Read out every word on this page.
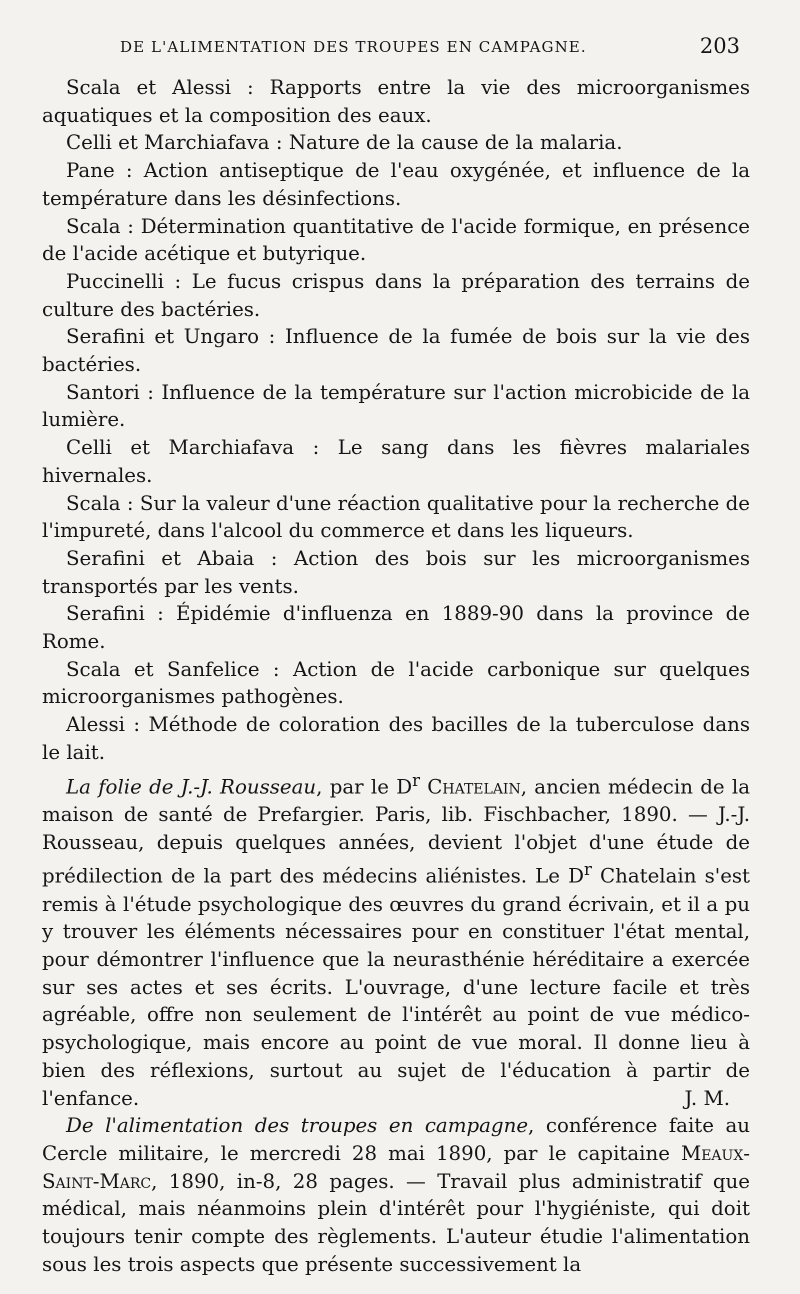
DE L'ALIMENTATION DES TROUPES EN CAMPAGNE.	203

Scala et Alessi : Rapports entre la vie des microorganismes aquatiques et la composition des eaux.

Celli et Marchiafava : Nature de la cause de la malaria.

Pane : Action antiseptique de l'eau oxygénée, et influence de la température dans les désinfections.

Scala : Détermination quantitative de l'acide formique, en présence de l'acide acétique et butyrique.

Puccinelli : Le fucus crispus dans la préparation des terrains de culture des bactéries.

Serafini et Ungaro : Influence de la fumée de bois sur la vie des bactéries.

Santori : Influence de la température sur l'action microbicide de la lumière.

Celli et Marchiafava : Le sang dans les fièvres malariales hivernales.

Scala : Sur la valeur d'une réaction qualitative pour la recherche de l'impureté, dans l'alcool du commerce et dans les liqueurs.

Serafini et Abaia : Action des bois sur les microorganismes transportés par les vents.

Serafini : Épidémie d'influenza en 1889-90 dans la province de Rome.

Scala et Sanfelice : Action de l'acide carbonique sur quelques microorganismes pathogènes.

Alessi : Méthode de coloration des bacilles de la tuberculose dans le lait.

La folie de J.-J. Rousseau, par le $D^r$ Chatelain, ancien médecin de la maison de santé de Prefargier. Paris, lib. Fischbacher, 1890. — J.-J. Rousseau, depuis quelques années, devient l'objet d'une étude de prédilection de la part des médecins aliénistes. Le $D^r$ Chatelain s'est remis à l'étude psychologique des œuvres du grand écrivain, et il a pu y trouver les éléments nécessaires pour en constituer l'état mental, pour démontrer l'influence que la neurasthénie héréditaire a exercée sur ses actes et ses écrits. L'ouvrage, d'une lecture facile et très agréable, offre non seulement de l'intérêt au point de vue médico-psychologique, mais encore au point de vue moral. Il donne lieu à bien des réflexions, surtout au sujet de l'éducation à partir de l'enfance.	J. M.

De l'alimentation des troupes en campagne, conférence faite au Cercle militaire, le mercredi 28 mai 1890, par le capitaine Meaux-Saint-Marc, 1890, in-8, 28 pages. — Travail plus administratif que médical, mais néanmoins plein d'intérêt pour l'hygiéniste, qui doit toujours tenir compte des règlements. L'auteur étudie l'alimentation sous les trois aspects que présente successivement la
